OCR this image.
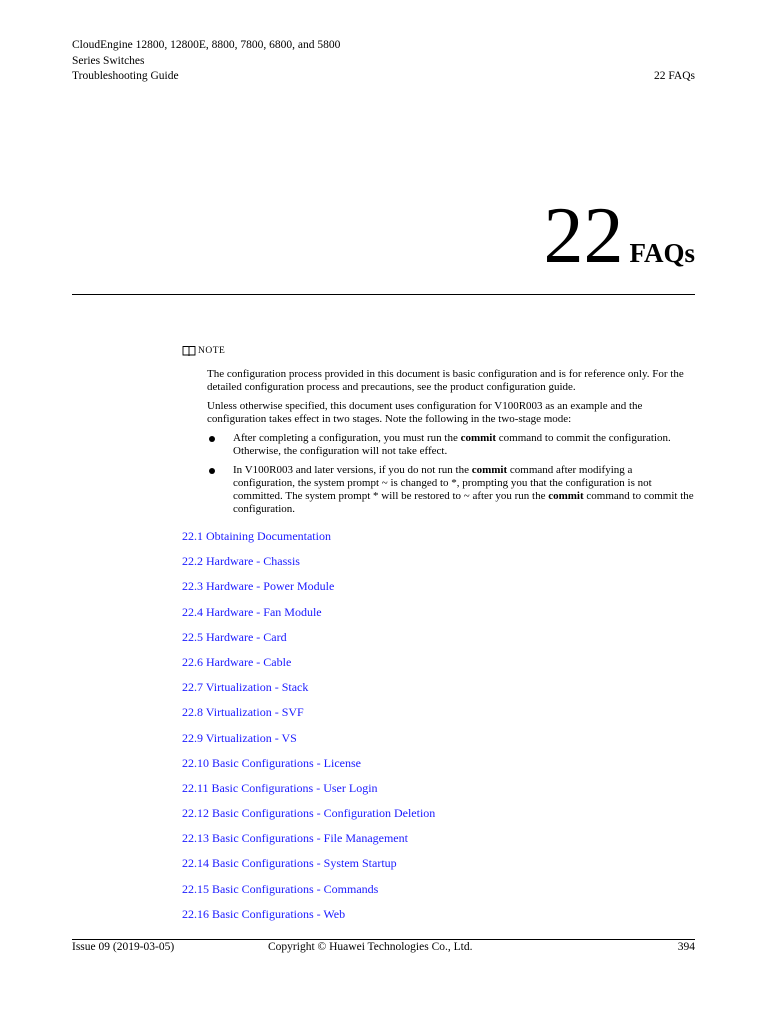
CloudEngine 12800, 12800E, 8800, 7800, 6800, and 5800
Series Switches
Troubleshooting Guide	22 FAQs
22 FAQs
NOTE

The configuration process provided in this document is basic configuration and is for reference only. For the detailed configuration process and precautions, see the product configuration guide.

Unless otherwise specified, this document uses configuration for V100R003 as an example and the configuration takes effect in two stages. Note the following in the two-stage mode:

After completing a configuration, you must run the commit command to commit the configuration. Otherwise, the configuration will not take effect.
In V100R003 and later versions, if you do not run the commit command after modifying a configuration, the system prompt ~ is changed to *, prompting you that the configuration is not committed. The system prompt * will be restored to ~ after you run the commit command to commit the configuration.
22.1 Obtaining Documentation
22.2 Hardware - Chassis
22.3 Hardware - Power Module
22.4 Hardware - Fan Module
22.5 Hardware - Card
22.6 Hardware - Cable
22.7 Virtualization - Stack
22.8 Virtualization - SVF
22.9 Virtualization - VS
22.10 Basic Configurations - License
22.11 Basic Configurations - User Login
22.12 Basic Configurations - Configuration Deletion
22.13 Basic Configurations - File Management
22.14 Basic Configurations - System Startup
22.15 Basic Configurations - Commands
22.16 Basic Configurations - Web
Issue 09 (2019-03-05)	Copyright © Huawei Technologies Co., Ltd.	394
